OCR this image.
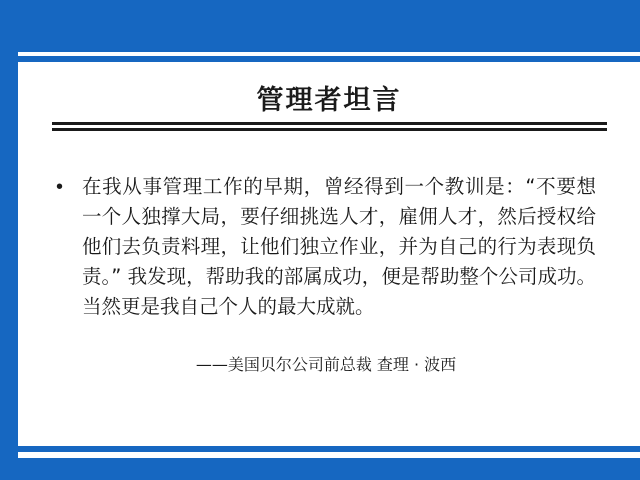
管理者坦言
• 在我从事管理工作的早期，曾经得到一个教训是：“不要想一个人独撑大局，要仔细挑选人才，雇佣人才，然后授权给他们去负责料理，让他们独立作业，并为自己的行为表现负责。” 我发现，帮助我的部属成功，便是帮助整个公司成功。当然更是我自己个人的最大成就。
——美国贝尔公司前总裁 查理 · 波西
